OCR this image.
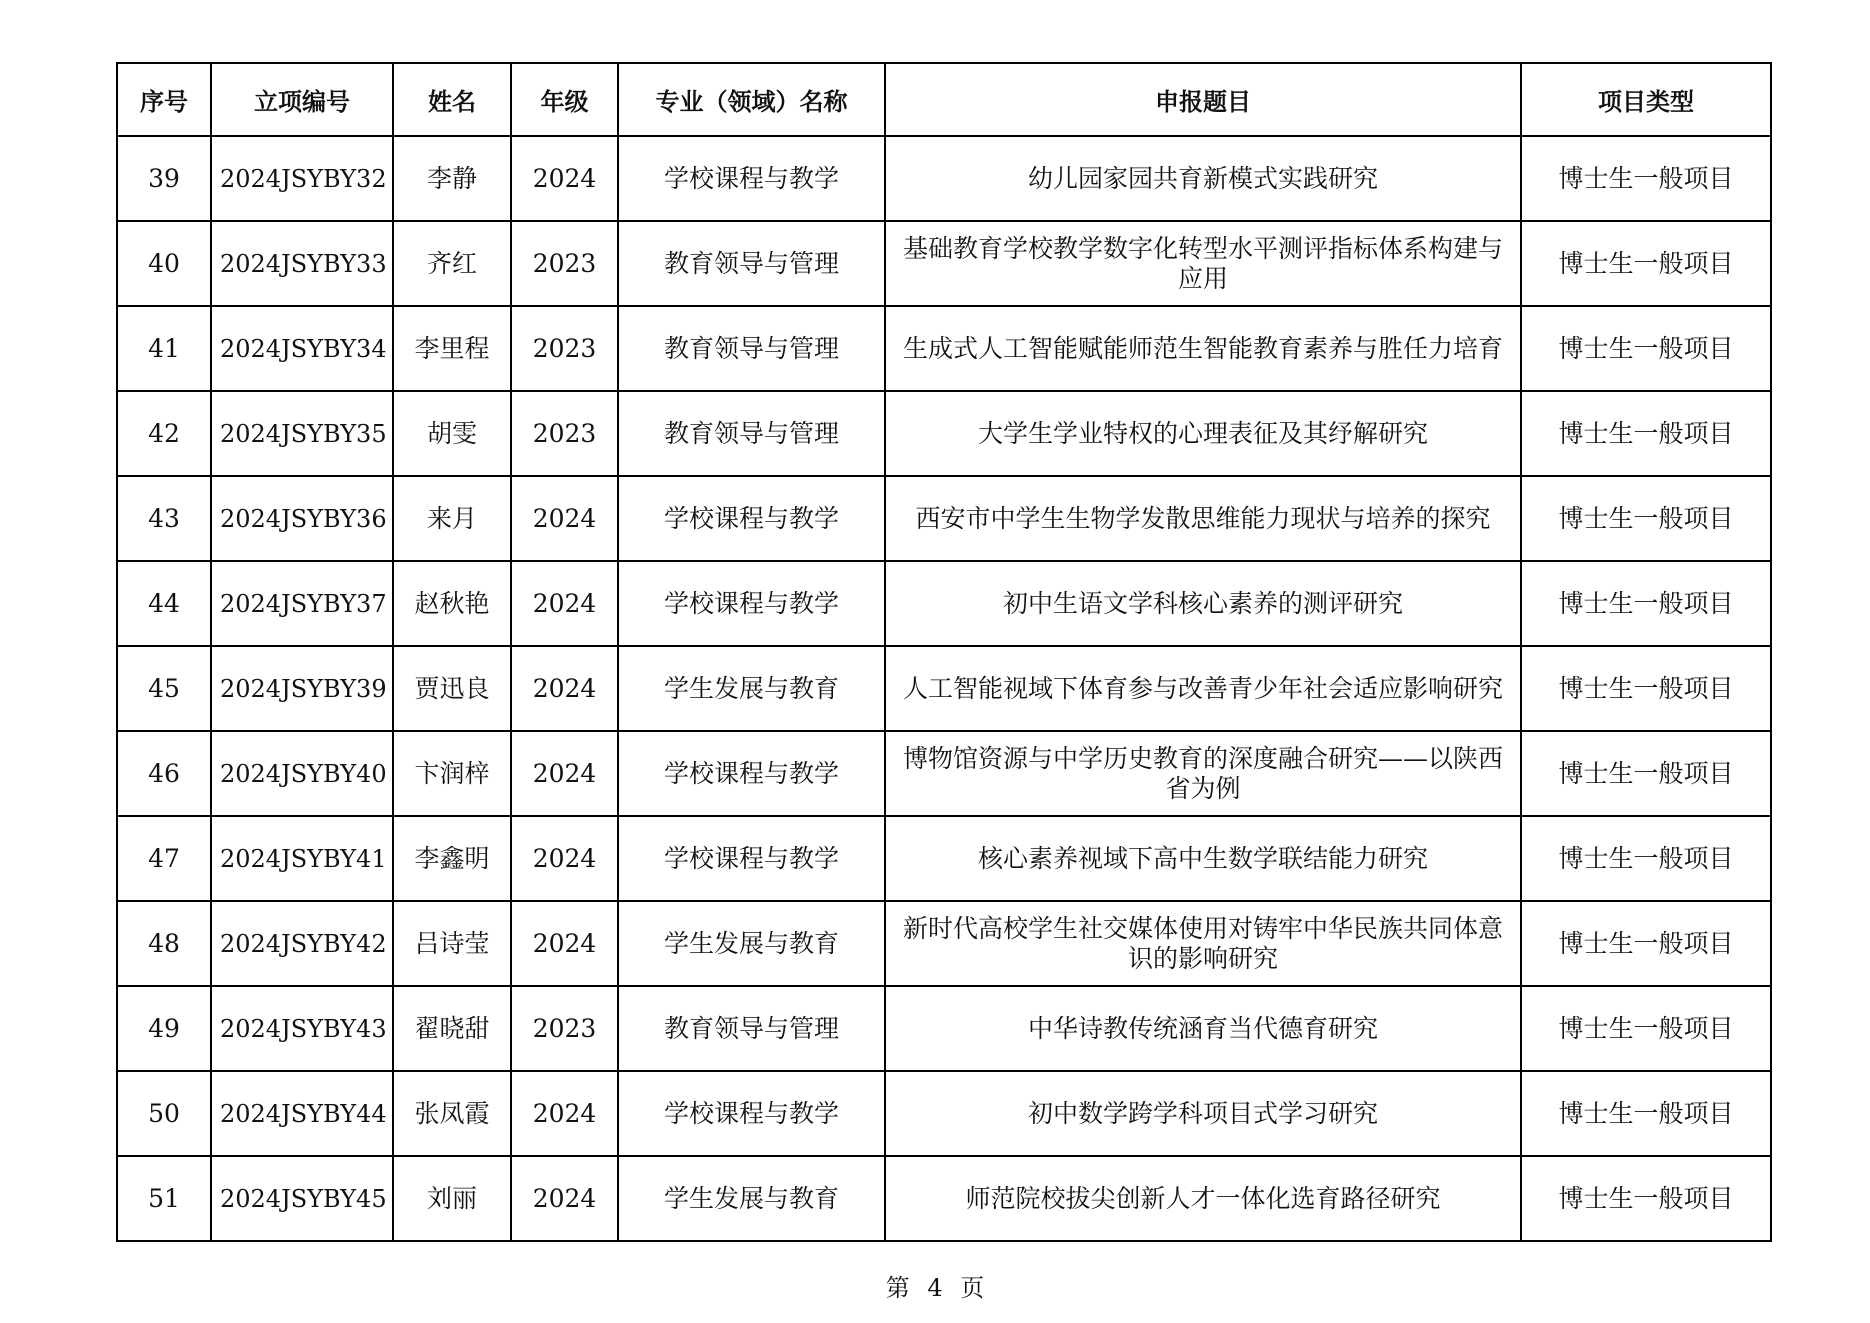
序号	立项编号	姓名	年级	专业（领域）名称	申报题目	项目类型
39	2024JSYBY32	李静	2024	学校课程与教学	幼儿园家园共育新模式实践研究	博士生一般项目
40	2024JSYBY33	齐红	2023	教育领导与管理	基础教育学校教学数字化转型水平测评指标体系构建与应用	博士生一般项目
41	2024JSYBY34	李里程	2023	教育领导与管理	生成式人工智能赋能师范生智能教育素养与胜任力培育	博士生一般项目
42	2024JSYBY35	胡雯	2023	教育领导与管理	大学生学业特权的心理表征及其纾解研究	博士生一般项目
43	2024JSYBY36	来月	2024	学校课程与教学	西安市中学生生物学发散思维能力现状与培养的探究	博士生一般项目
44	2024JSYBY37	赵秋艳	2024	学校课程与教学	初中生语文学科核心素养的测评研究	博士生一般项目
45	2024JSYBY39	贾迅良	2024	学生发展与教育	人工智能视域下体育参与改善青少年社会适应影响研究	博士生一般项目
46	2024JSYBY40	卞润梓	2024	学校课程与教学	博物馆资源与中学历史教育的深度融合研究——以陕西省为例	博士生一般项目
47	2024JSYBY41	李鑫明	2024	学校课程与教学	核心素养视域下高中生数学联结能力研究	博士生一般项目
48	2024JSYBY42	吕诗莹	2024	学生发展与教育	新时代高校学生社交媒体使用对铸牢中华民族共同体意识的影响研究	博士生一般项目
49	2024JSYBY43	翟晓甜	2023	教育领导与管理	中华诗教传统涵育当代德育研究	博士生一般项目
50	2024JSYBY44	张凤霞	2024	学校课程与教学	初中数学跨学科项目式学习研究	博士生一般项目
51	2024JSYBY45	刘丽	2024	学生发展与教育	师范院校拔尖创新人才一体化选育路径研究	博士生一般项目
第 4 页
